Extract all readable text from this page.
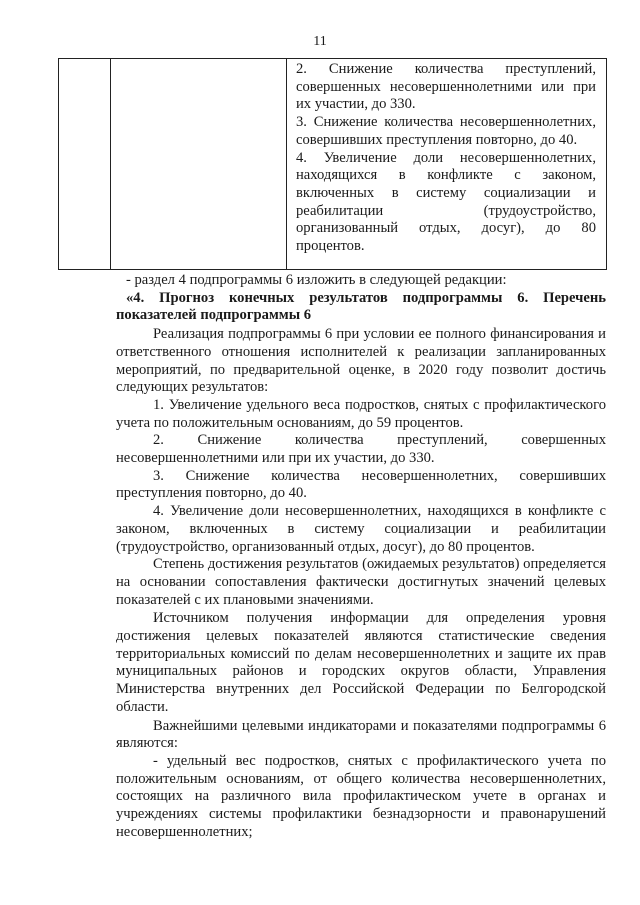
11

2. Снижение количества преступлений, совершенных несовершеннолетними или при их участии, до 330.

3. Снижение количества несовершеннолетних, совершивших преступления повторно, до 40.

4. Увеличение доли несовершеннолетних, находящихся в конфликте с законом, включенных в систему социализации и реабилитации (трудоустройство, организованный отдых, досуг), до 80 процентов.

- раздел 4 подпрограммы 6 изложить в следующей редакции:

«4. Прогноз конечных результатов подпрограммы 6. Перечень показателей подпрограммы 6

Реализация подпрограммы 6 при условии ее полного финансирования и ответственного отношения исполнителей к реализации запланированных мероприятий, по предварительной оценке, в 2020 году позволит достичь следующих результатов:

1. Увеличение удельного веса подростков, снятых с профилактического учета по положительным основаниям, до 59 процентов.

2. Снижение количества преступлений, совершенных несовершеннолетними или при их участии, до 330.

3. Снижение количества несовершеннолетних, совершивших преступления повторно, до 40.

4. Увеличение доли несовершеннолетних, находящихся в конфликте с законом, включенных в систему социализации и реабилитации (трудоустройство, организованный отдых, досуг), до 80 процентов.

Степень достижения результатов (ожидаемых результатов) определяется на основании сопоставления фактически достигнутых значений целевых показателей с их плановыми значениями.

Источником получения информации для определения уровня достижения целевых показателей являются статистические сведения территориальных комиссий по делам несовершеннолетних и защите их прав муниципальных районов и городских округов области, Управления Министерства внутренних дел Российской Федерации по Белгородской области.

Важнейшими целевыми индикаторами и показателями подпрограммы 6 являются:

- удельный вес подростков, снятых с профилактического учета по положительным основаниям, от общего количества несовершеннолетних, состоящих на различного вила профилактическом учете в органах и учреждениях системы профилактики безнадзорности и правонарушений несовершеннолетних;
